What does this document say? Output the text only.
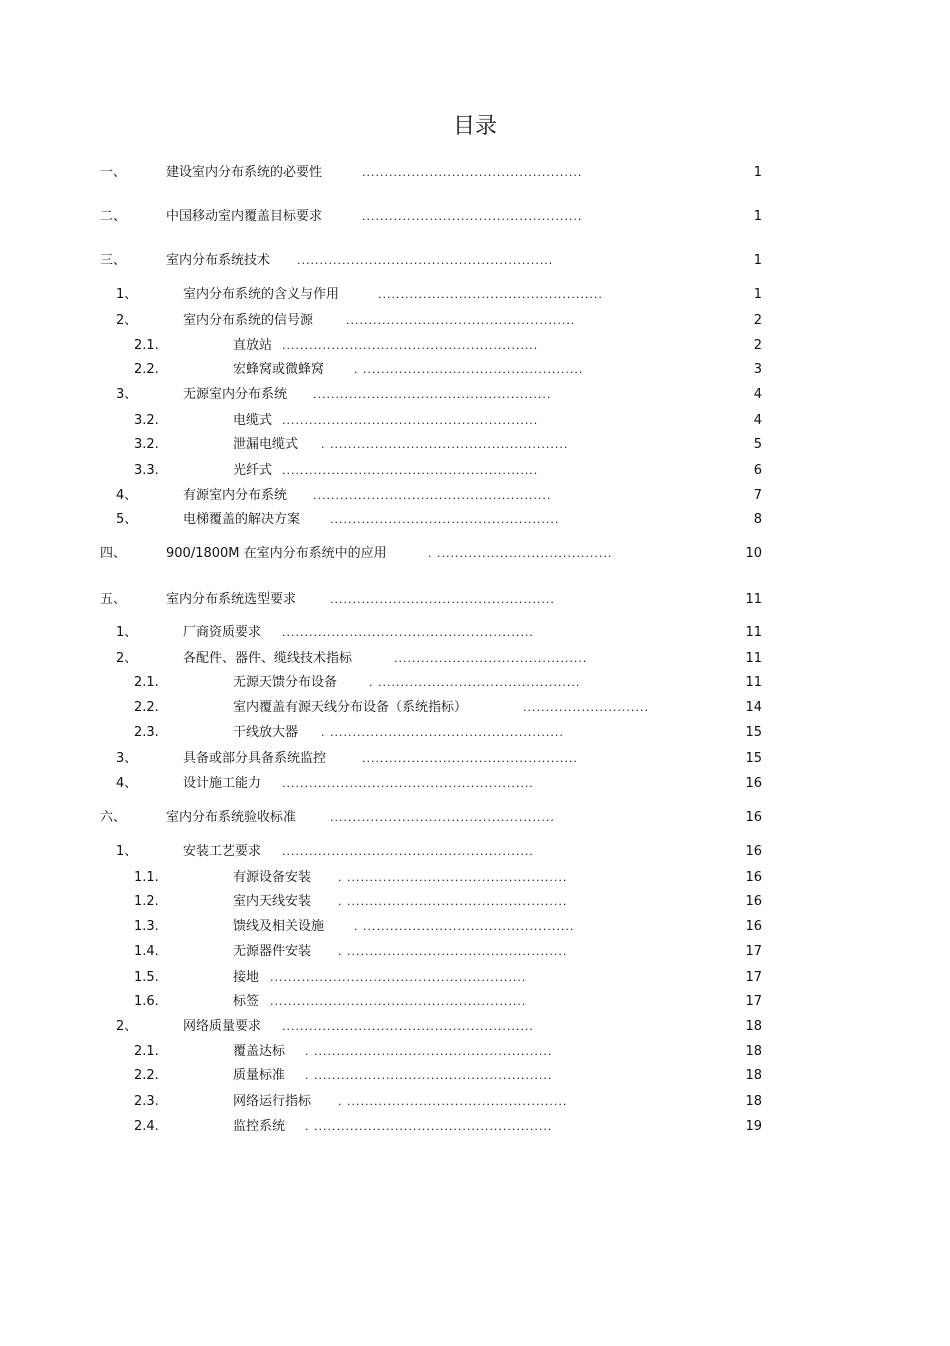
目录
一、	建设室内分布系统的必要性	.................................................	1
二、	中国移动室内覆盖目标要求	.................................................	1
三、	室内分布系统技术 .........................................................	1
1、	室内分布系统的含义与作用	..................................................	1
2、	室内分布系统的信号源	...................................................	2
2.1.	直放站 .........................................................	2
2.2.	宏蜂窝或微蜂窝	. .................................................	3
3、	无源室内分布系统 .....................................................	4
3.2.	电缆式 .........................................................	4
3.2.	泄漏电缆式 . .....................................................	5
3.3.	光纤式 .........................................................	6
4、	有源室内分布系统 .....................................................	7
5、	电梯覆盖的解决方案	...................................................	8
四、	900/1800M 在室内分布系统中的应用	. .......................................	10
五、	室内分布系统选型要求	..................................................	11
1、	厂商资质要求 ........................................................	11
2、	各配件、器件、缆线技术指标	...........................................	11
2.1.	无源天馈分布设备	. .............................................	11
2.2.	室内覆盖有源天线分布设备（系统指标）	............................	14
2.3.	干线放大器 . ....................................................	15
3、	具备或部分具备系统监控	................................................	15
4、	设计施工能力 ........................................................	16
六、	室内分布系统验收标准	..................................................	16
1、	安装工艺要求 ........................................................	16
1.1.	有源设备安装 . .................................................	16
1.2.	室内天线安装 . .................................................	16
1.3.	馈线及相关设施	. ...............................................	16
1.4.	无源器件安装 . .................................................	17
1.5.	接地 .........................................................	17
1.6.	标签 .........................................................	17
2、	网络质量要求 ........................................................	18
2.1.	覆盖达标 . .....................................................	18
2.2.	质量标准 . .....................................................	18
2.3.	网络运行指标 . .................................................	18
2.4.	监控系统 . .....................................................	19
